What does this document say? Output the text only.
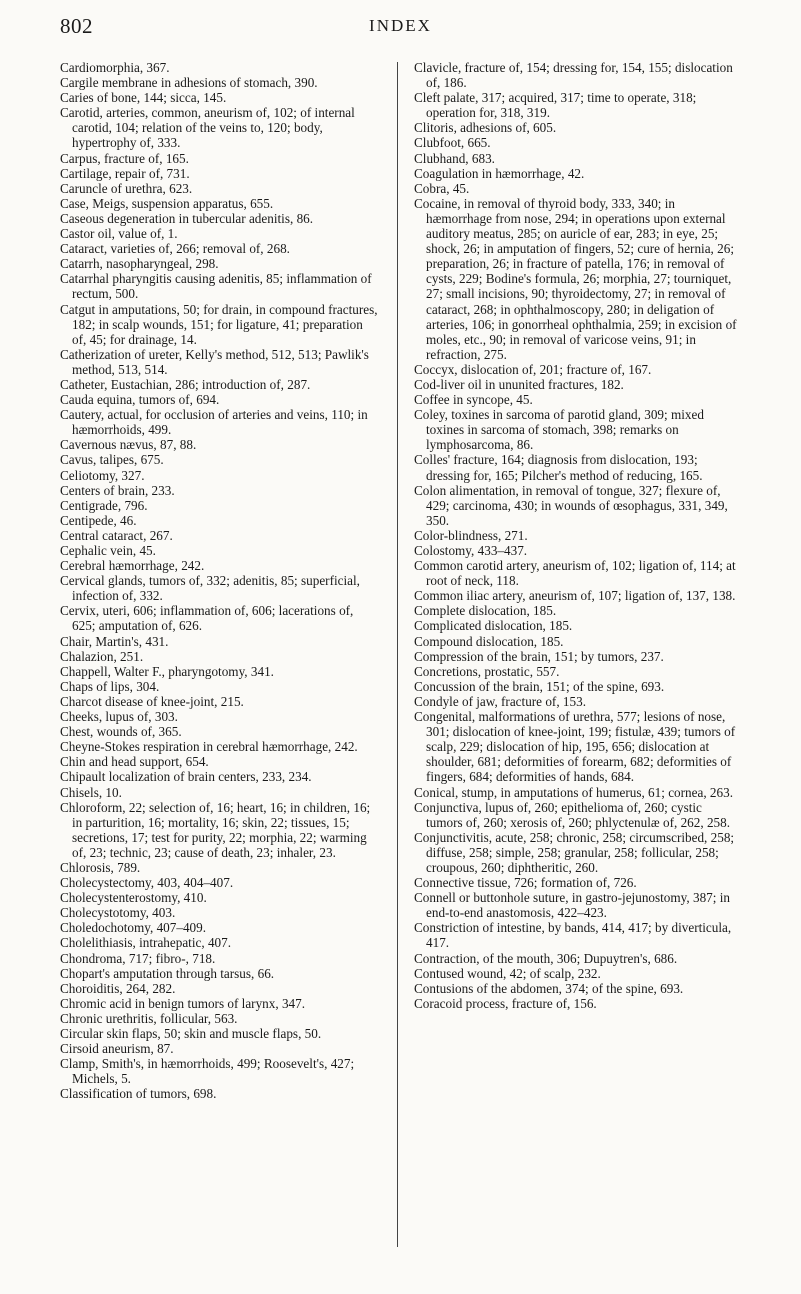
802	INDEX

Cardiomorphia, 367.

Cargile membrane in adhesions of stomach, 390.

Caries of bone, 144; sicca, 145.

Carotid, arteries, common, aneurism of, 102; of internal carotid, 104; relation of the veins to, 120; body, hypertrophy of, 333.

Carpus, fracture of, 165.

Cartilage, repair of, 731.

Caruncle of urethra, 623.

Case, Meigs, suspension apparatus, 655.

Caseous degeneration in tubercular adenitis, 86.

Castor oil, value of, 1.

Cataract, varieties of, 266; removal of, 268.

Catarrh, nasopharyngeal, 298.

Catarrhal pharyngitis causing adenitis, 85; inflammation of rectum, 500.

Catgut in amputations, 50; for drain, in compound fractures, 182; in scalp wounds, 151; for ligature, 41; preparation of, 45; for drainage, 14.

Catherization of ureter, Kelly's method, 512, 513; Pawlik's method, 513, 514.

Catheter, Eustachian, 286; introduction of, 287.

Cauda equina, tumors of, 694.

Cautery, actual, for occlusion of arteries and veins, 110; in hæmorrhoids, 499.

Cavernous nævus, 87, 88.

Cavus, talipes, 675.

Celiotomy, 327.

Centers of brain, 233.

Centigrade, 796.

Centipede, 46.

Central cataract, 267.

Cephalic vein, 45.

Cerebral hæmorrhage, 242.

Cervical glands, tumors of, 332; adenitis, 85; superficial, infection of, 332.

Cervix, uteri, 606; inflammation of, 606; lacerations of, 625; amputation of, 626.

Chair, Martin's, 431.

Chalazion, 251.

Chappell, Walter F., pharyngotomy, 341.

Chaps of lips, 304.

Charcot disease of knee-joint, 215.

Cheeks, lupus of, 303.

Chest, wounds of, 365.

Cheyne-Stokes respiration in cerebral hæmorrhage, 242.

Chin and head support, 654.

Chipault localization of brain centers, 233, 234.

Chisels, 10.

Chloroform, 22; selection of, 16; heart, 16; in children, 16; in parturition, 16; mortality, 16; skin, 22; tissues, 15; secretions, 17; test for purity, 22; morphia, 22; warming of, 23; technic, 23; cause of death, 23; inhaler, 23.

Chlorosis, 789.

Cholecystectomy, 403, 404–407.

Cholecystenterostomy, 410.

Cholecystotomy, 403.

Choledochotomy, 407–409.

Cholelithiasis, intrahepatic, 407.

Chondroma, 717; fibro-, 718.

Chopart's amputation through tarsus, 66.

Choroiditis, 264, 282.

Chromic acid in benign tumors of larynx, 347.

Chronic urethritis, follicular, 563.

Circular skin flaps, 50; skin and muscle flaps, 50.

Cirsoid aneurism, 87.

Clamp, Smith's, in hæmorrhoids, 499; Roosevelt's, 427; Michels, 5.

Classification of tumors, 698.

Clavicle, fracture of, 154; dressing for, 154, 155; dislocation of, 186.

Cleft palate, 317; acquired, 317; time to operate, 318; operation for, 318, 319.

Clitoris, adhesions of, 605.

Clubfoot, 665.

Clubhand, 683.

Coagulation in hæmorrhage, 42.

Cobra, 45.

Cocaine, in removal of thyroid body, 333, 340; in hæmorrhage from nose, 294; in operations upon external auditory meatus, 285; on auricle of ear, 283; in eye, 25; shock, 26; in amputation of fingers, 52; cure of hernia, 26; preparation, 26; in fracture of patella, 176; in removal of cysts, 229; Bodine's formula, 26; morphia, 27; tourniquet, 27; small incisions, 90; thyroidectomy, 27; in removal of cataract, 268; in ophthalmoscopy, 280; in deligation of arteries, 106; in gonorrheal ophthalmia, 259; in excision of moles, etc., 90; in removal of varicose veins, 91; in refraction, 275.

Coccyx, dislocation of, 201; fracture of, 167.

Cod-liver oil in ununited fractures, 182.

Coffee in syncope, 45.

Coley, toxines in sarcoma of parotid gland, 309; mixed toxines in sarcoma of stomach, 398; remarks on lymphosarcoma, 86.

Colles' fracture, 164; diagnosis from dislocation, 193; dressing for, 165; Pilcher's method of reducing, 165.

Colon alimentation, in removal of tongue, 327; flexure of, 429; carcinoma, 430; in wounds of œsophagus, 331, 349, 350.

Color-blindness, 271.

Colostomy, 433–437.

Common carotid artery, aneurism of, 102; ligation of, 114; at root of neck, 118.

Common iliac artery, aneurism of, 107; ligation of, 137, 138.

Complete dislocation, 185.

Complicated dislocation, 185.

Compound dislocation, 185.

Compression of the brain, 151; by tumors, 237.

Concretions, prostatic, 557.

Concussion of the brain, 151; of the spine, 693.

Condyle of jaw, fracture of, 153.

Congenital, malformations of urethra, 577; lesions of nose, 301; dislocation of knee-joint, 199; fistulæ, 439; tumors of scalp, 229; dislocation of hip, 195, 656; dislocation at shoulder, 681; deformities of forearm, 682; deformities of fingers, 684; deformities of hands, 684.

Conical, stump, in amputations of humerus, 61; cornea, 263.

Conjunctiva, lupus of, 260; epithelioma of, 260; cystic tumors of, 260; xerosis of, 260; phlyctenulæ of, 262, 258.

Conjunctivitis, acute, 258; chronic, 258; circumscribed, 258; diffuse, 258; simple, 258; granular, 258; follicular, 258; croupous, 260; diphtheritic, 260.

Connective tissue, 726; formation of, 726.

Connell or buttonhole suture, in gastro-jejunostomy, 387; in end-to-end anastomosis, 422–423.

Constriction of intestine, by bands, 414, 417; by diverticula, 417.

Contraction, of the mouth, 306; Dupuytren's, 686.

Contused wound, 42; of scalp, 232.

Contusions of the abdomen, 374; of the spine, 693.

Coracoid process, fracture of, 156.
